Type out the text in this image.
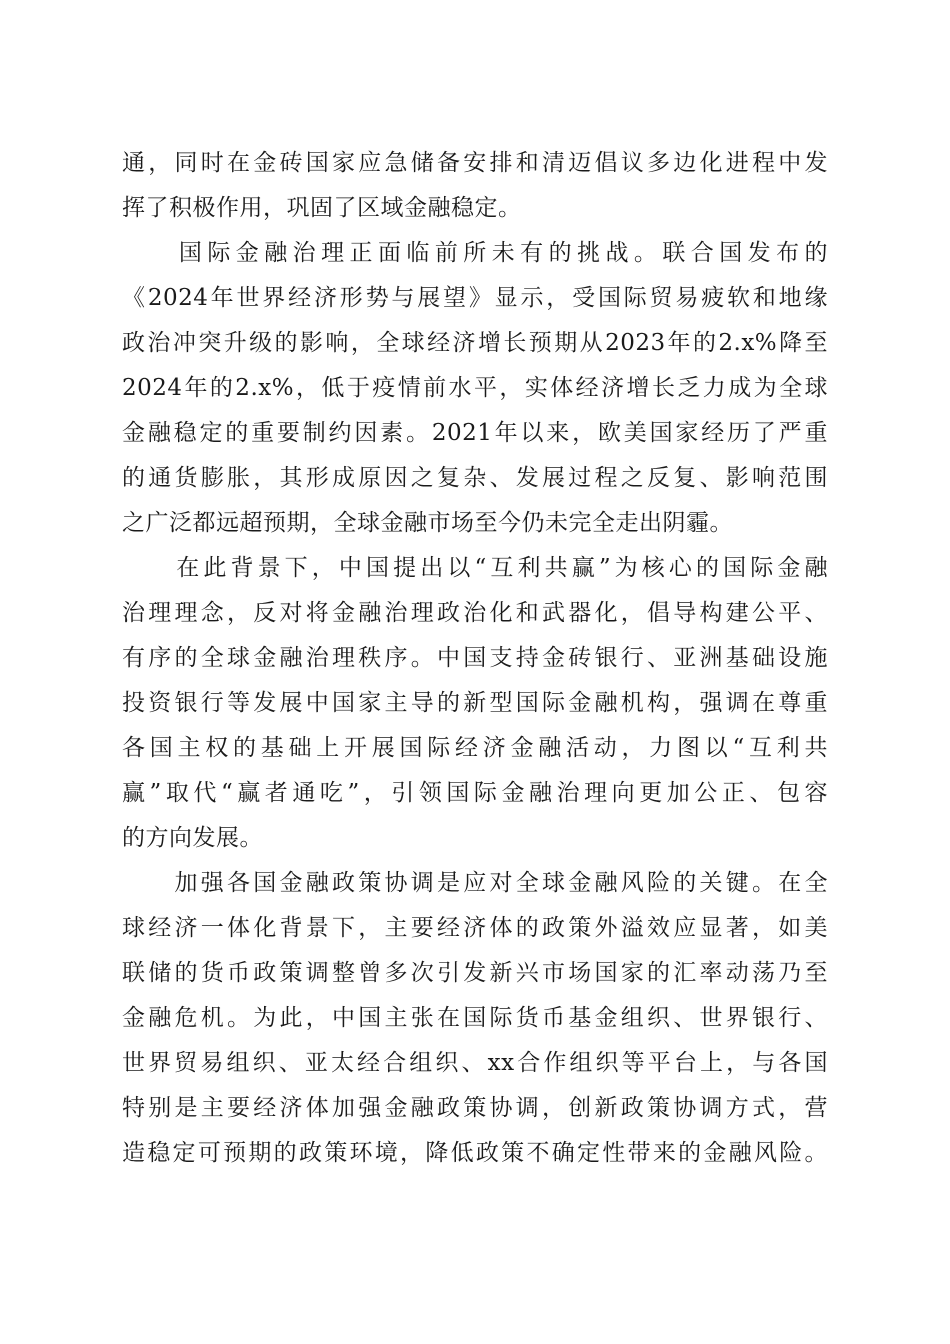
通，同时在金砖国家应急储备安排和清迈倡议多边化进程中发
挥了积极作用，巩固了区域金融稳定。
　　国际金融治理正面临前所未有的挑战。联合国发布的
《2024年世界经济形势与展望》显示，受国际贸易疲软和地缘
政治冲突升级的影响，全球经济增长预期从2023年的2.x%降至
2024年的2.x%，低于疫情前水平，实体经济增长乏力成为全球
金融稳定的重要制约因素。2021年以来，欧美国家经历了严重
的通货膨胀，其形成原因之复杂、发展过程之反复、影响范围
之广泛都远超预期，全球金融市场至今仍未完全走出阴霾。
　　在此背景下，中国提出以“互利共赢”为核心的国际金融
治理理念，反对将金融治理政治化和武器化，倡导构建公平、
有序的全球金融治理秩序。中国支持金砖银行、亚洲基础设施
投资银行等发展中国家主导的新型国际金融机构，强调在尊重
各国主权的基础上开展国际经济金融活动，力图以“互利共
赢”取代“赢者通吃”，引领国际金融治理向更加公正、包容
的方向发展。
　　加强各国金融政策协调是应对全球金融风险的关键。在全
球经济一体化背景下，主要经济体的政策外溢效应显著，如美
联储的货币政策调整曾多次引发新兴市场国家的汇率动荡乃至
金融危机。为此，中国主张在国际货币基金组织、世界银行、
世界贸易组织、亚太经合组织、xx合作组织等平台上，与各国
特别是主要经济体加强金融政策协调，创新政策协调方式，营
造稳定可预期的政策环境，降低政策不确定性带来的金融风险。
